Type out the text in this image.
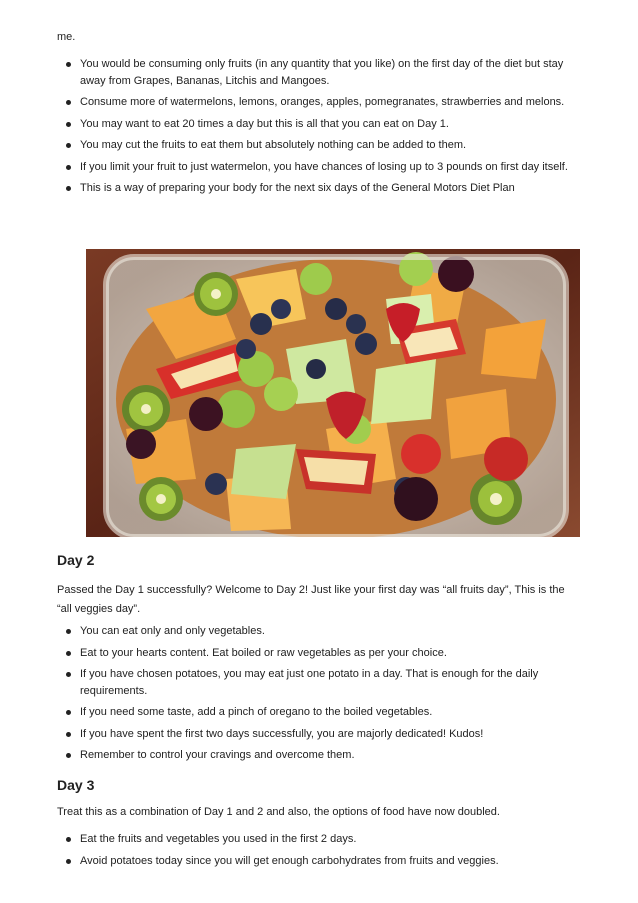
me.

You would be consuming only fruits (in any quantity that you like) on the first day of the diet but stay away from Grapes, Bananas, Litchis and Mangoes.
Consume more of watermelons, lemons, oranges, apples, pomegranates, strawberries and melons.
You may want to eat 20 times a day but this is all that you can eat on Day 1.
You may cut the fruits to eat them but absolutely nothing can be added to them.
If you limit your fruit to just watermelon, you have chances of losing up to 3 pounds on first day itself.
This is a way of preparing your body for the next six days of the General Motors Diet Plan
Day 2

Passed the Day 1 successfully? Welcome to Day 2! Just like your first day was “all fruits day”, This is the “all veggies day”.

You can eat only and only vegetables.
Eat to your hearts content. Eat boiled or raw vegetables as per your choice.
If you have chosen potatoes, you may eat just one potato in a day. That is enough for the daily requirements.
If you need some taste, add a pinch of oregano to the boiled vegetables.
If you have spent the first two days successfully, you are majorly dedicated! Kudos!
Remember to control your cravings and overcome them.
Day 3

Treat this as a combination of Day 1 and 2 and also, the options of food have now doubled.

Eat the fruits and vegetables you used in the first 2 days.
Avoid potatoes today since you will get enough carbohydrates from fruits and veggies.
